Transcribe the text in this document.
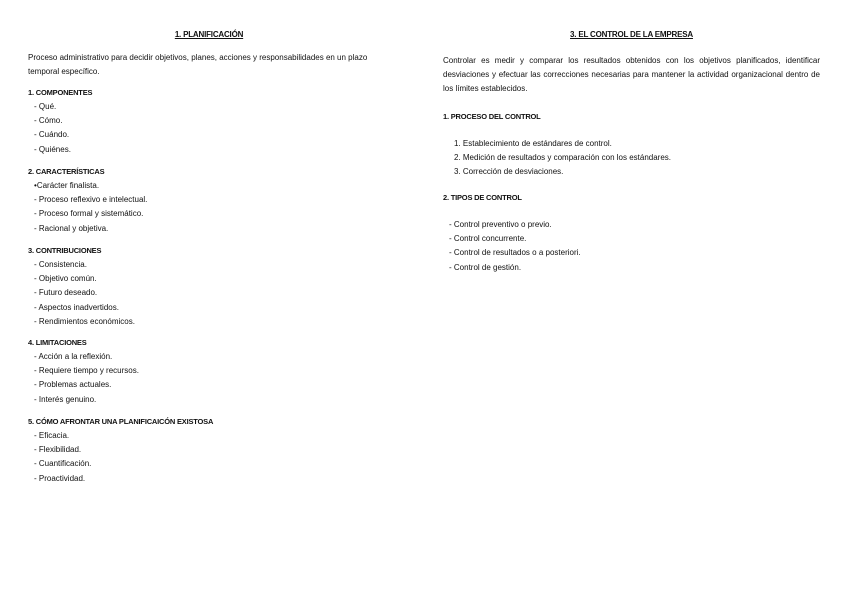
1. PLANIFICACIÓN
Proceso administrativo para decidir objetivos, planes, acciones y responsabilidades en un plazo temporal específico.
1. COMPONENTES
- Qué.
- Cómo.
- Cuándo.
- Quiénes.
2. CARACTERÍSTICAS
• Carácter finalista.
- Proceso reflexivo e intelectual.
- Proceso formal y sistemático.
- Racional y objetiva.
3. CONTRIBUCIONES
- Consistencia.
- Objetivo común.
- Futuro deseado.
- Aspectos inadvertidos.
- Rendimientos económicos.
4. LIMITACIONES
- Acción a la reflexión.
- Requiere tiempo y recursos.
- Problemas actuales.
- Interés genuino.
5. CÓMO AFRONTAR UNA PLANIFICAICÓN EXISTOSA
- Eficacia.
- Flexibilidad.
- Cuantificación.
- Proactividad.
3. EL CONTROL DE LA EMPRESA
Controlar es medir y comparar los resultados obtenidos con los objetivos planificados, identificar desviaciones y efectuar las correcciones necesarias para mantener la actividad organizacional dentro de los límites establecidos.
1. PROCESO DEL CONTROL
1. Establecimiento de estándares de control.
2. Medición de resultados y comparación con los estándares.
3. Corrección de desviaciones.
2. TIPOS DE CONTROL
- Control preventivo o previo.
- Control concurrente.
- Control de resultados o a posteriori.
- Control de gestión.
